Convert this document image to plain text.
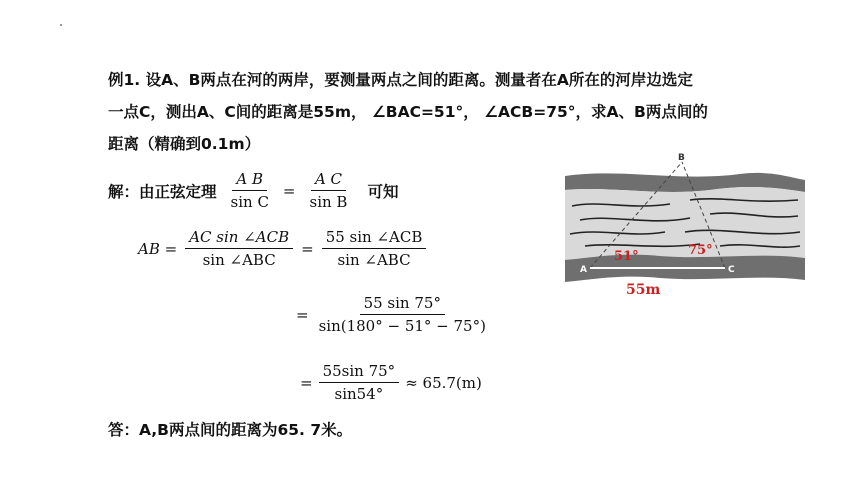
例1. 设A、B两点在河的两岸，要测量两点之间的距离。测量者在A所在的河岸边选定
一点C，测出A、C间的距离是55m， ∠BAC=51°， ∠ACB=75°，求A、B两点间的
距离（精确到0.1m）
解：由正弦定理 $\frac{\text{A B}}{\text{sin C}} = \frac{\text{A C}}{\text{sin B}}$ 可知
AB = $\frac{\text{AC sin ∠ACB}}{\text{sin ∠ABC}} = \frac{\text{55 sin ∠ACB}}{\text{sin ∠ABC}}$
= $\frac{55 \sin 75^\circ}{\sin(180^\circ - 51^\circ - 75^\circ)}$
= $\frac{55\sin 75^\circ}{\sin 54^\circ} \approx 65.7(m)$
答：A,B两点间的距离为65. 7米。
B
A	C
51°	75°
55m
